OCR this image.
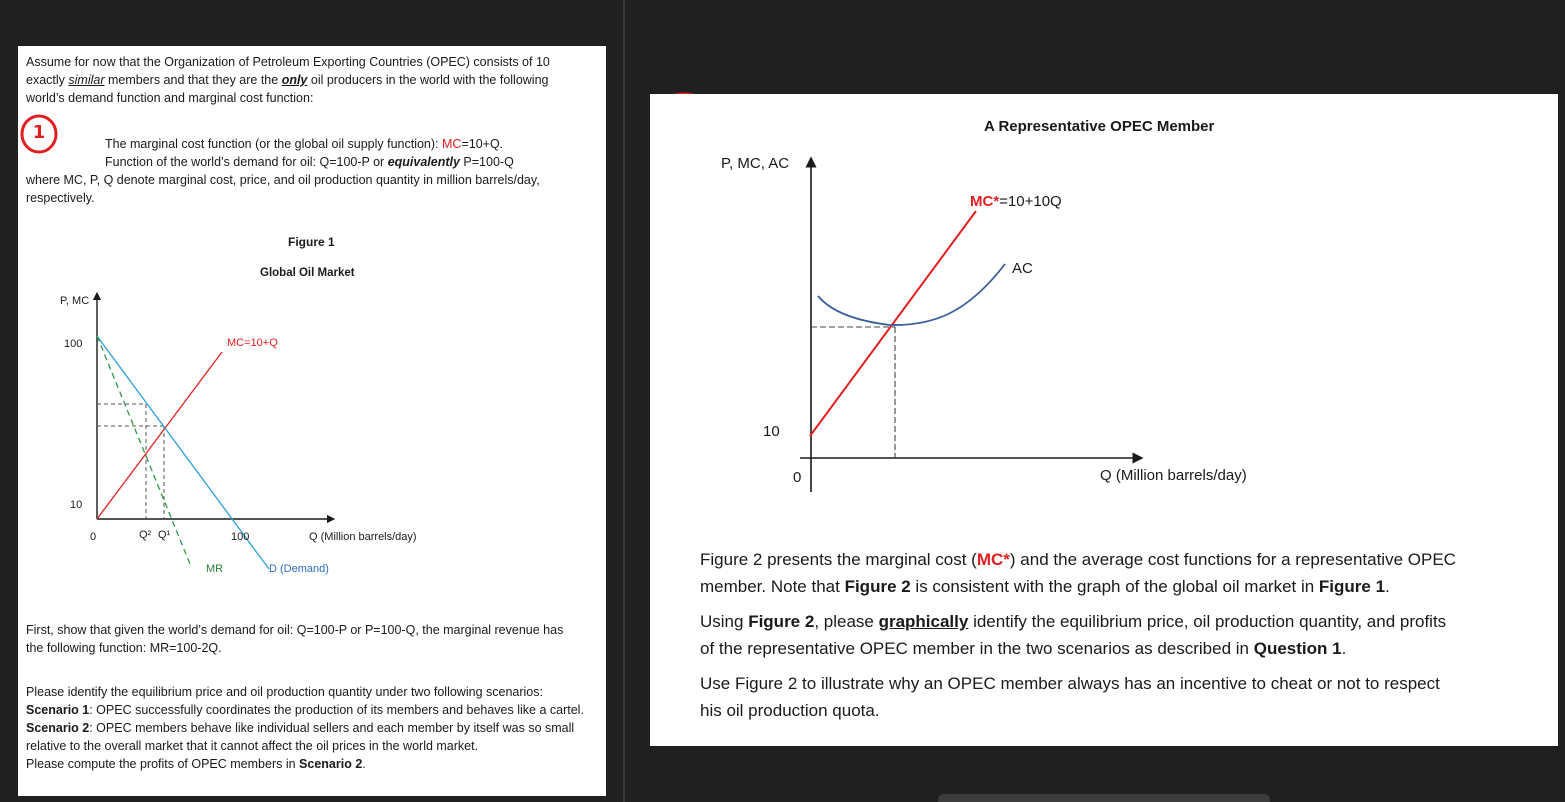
Assume for now that the Organization of Petroleum Exporting Countries (OPEC) consists of 10
exactly similar members and that they are the only oil producers in the world with the following
world’s demand function and marginal cost function:
1
The marginal cost function (or the global oil supply function): MC=10+Q.
Function of the world’s demand for oil: Q=100-P or equivalently P=100-Q
where MC, P, Q denote marginal cost, price, and oil production quantity in million barrels/day,
respectively.
Figure 1
Global Oil Market
P, MC
100
10
0	Q² Q¹	100	Q (Million barrels/day)
MC=10+Q
MR	D (Demand)
First, show that given the world’s demand for oil: Q=100-P or P=100-Q, the marginal revenue has
the following function: MR=100-2Q.
Please identify the equilibrium price and oil production quantity under two following scenarios:
Scenario 1: OPEC successfully coordinates the production of its members and behaves like a cartel.
Scenario 2: OPEC members behave like individual sellers and each member by itself was so small
relative to the overall market that it cannot affect the oil prices in the world market.
Please compute the profits of OPEC members in Scenario 2.
A Representative OPEC Member
P, MC, AC
MC*=10+10Q
AC
10
0	Q (Million barrels/day)
Figure 2 presents the marginal cost (MC*) and the average cost functions for a representative OPEC
member. Note that Figure 2 is consistent with the graph of the global oil market in Figure 1.
Using Figure 2, please graphically identify the equilibrium price, oil production quantity, and profits
of the representative OPEC member in the two scenarios as described in Question 1.
Use Figure 2 to illustrate why an OPEC member always has an incentive to cheat or not to respect
his oil production quota.
